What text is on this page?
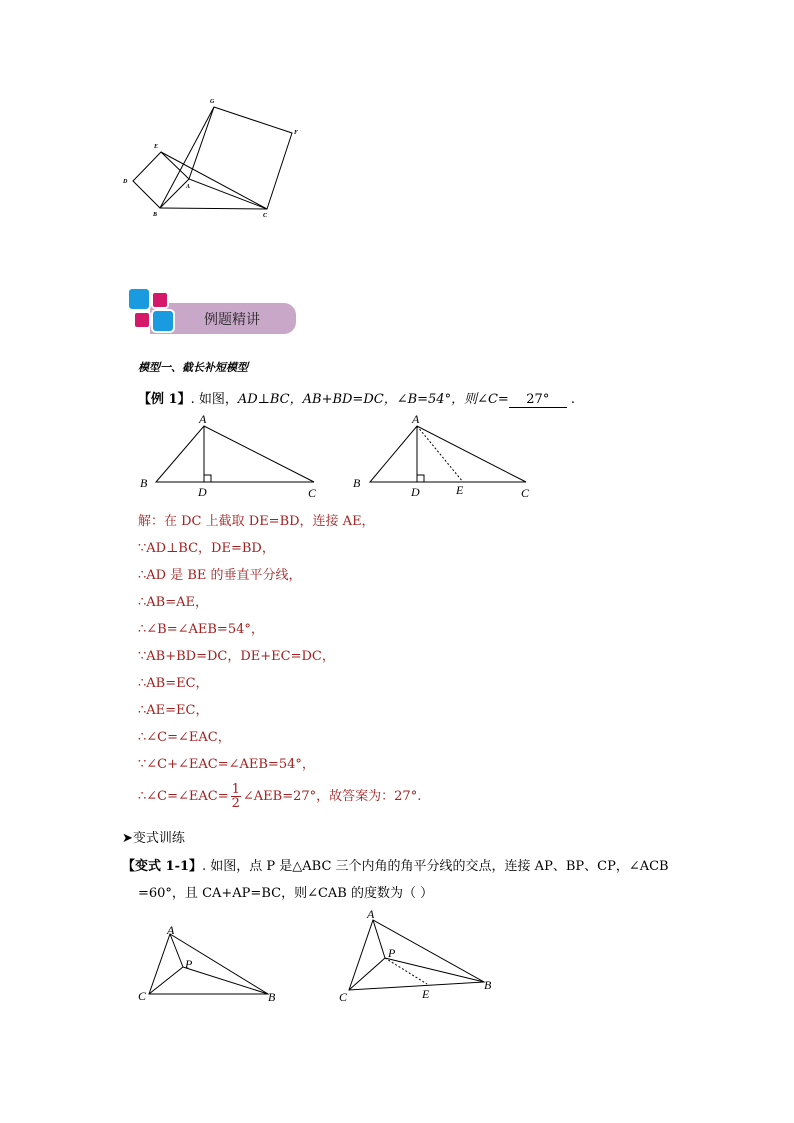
G
F
E
D
A
B	C
例题精讲
模型一、截长补短模型
【例 1】. 如图，AD⊥BC，AB+BD=DC，∠B=54°，则∠C= 27° .
A
B
D	C
A
B
D	E	C
解：在 DC 上截取 DE=BD，连接 AE，
∵AD⊥BC，DE=BD，
∴AD 是 BE 的垂直平分线，
∴AB=AE，
∴∠B=∠AEB=54°，
∵AB+BD=DC，DE+EC=DC，
∴AB=EC，
∴AE=EC，
∴∠C=∠EAC，
∵∠C+∠EAC=∠AEB=54°，
∴∠C=∠EAC= $\frac{1}{2}$ ∠AEB=27°，故答案为：27°.
➤变式训练
【变式 1-1】. 如图，点 P 是△ABC 三个内角的角平分线的交点，连接 AP、BP、CP，∠ACB
=60°，且 CA+AP=BC，则∠CAB 的度数为（ ）
A
P
C	B
A
P
C	E
B
